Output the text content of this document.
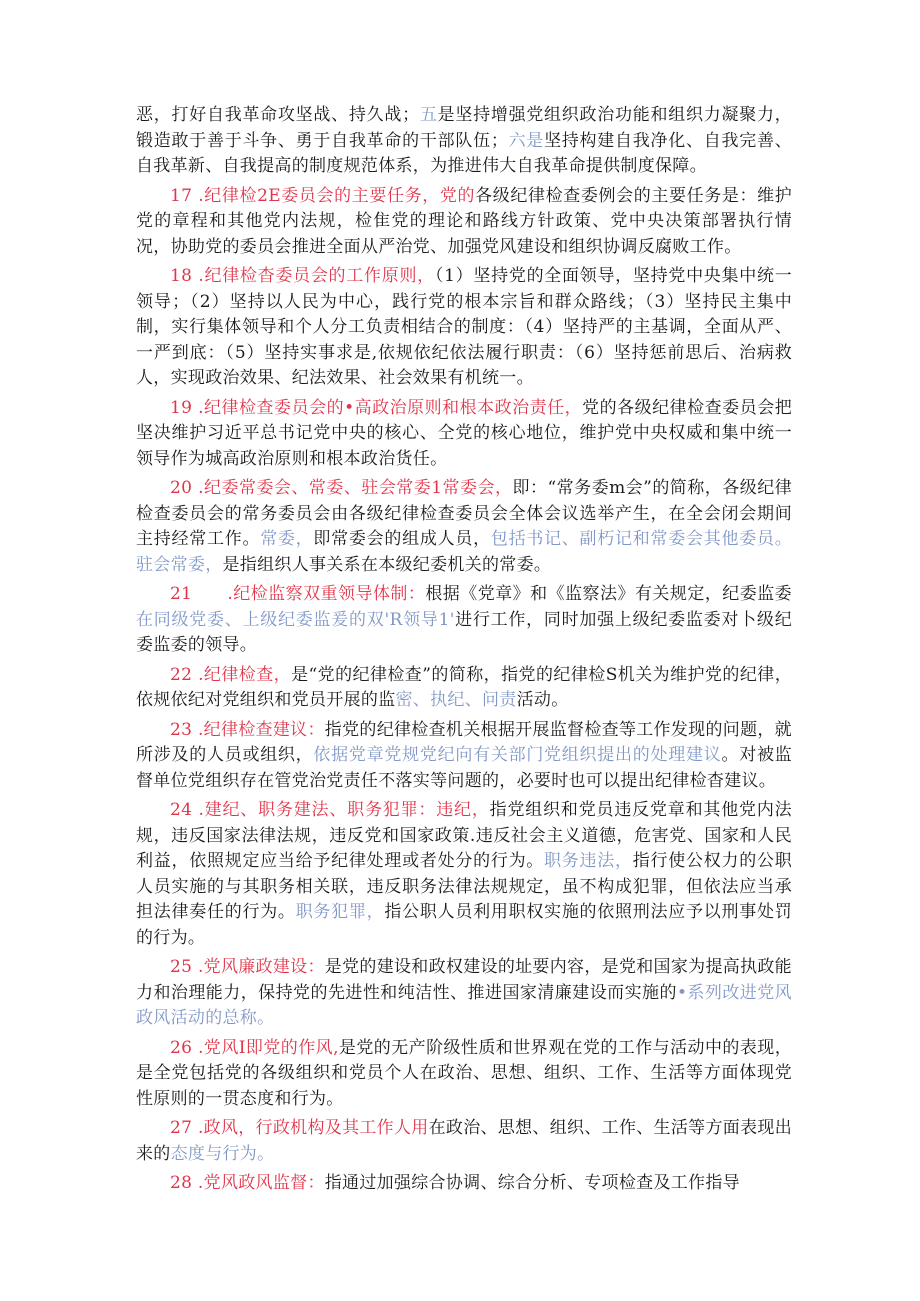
恶，打好自我革命攻坚战、持久战；五是坚持增强党组织政治功能和组织力凝聚力，锻造敢于善于斗争、勇于自我革命的干部队伍；六是坚持构建自我净化、自我完善、自我革新、自我提高的制度规范体系，为推进伟大自我革命提供制度保障。

17 .纪律检2E委员会的主要任务，党的各级纪律检查委例会的主要任务是：维护党的章程和其他党内法规，检隹党的理论和路线方针政策、党中央决策部署执行情况，协助党的委员会推进全面从严治党、加强党风建设和组织协调反腐败工作。

18 .纪律检杳委员会的工作原则，（1）坚持党的全面领导，坚持党中央集中统一领导；（2）坚持以人民为中心，践行党的根本宗旨和群众路线；（3）坚持民主集中制，实行集体领导和个人分工负责相结合的制度：（4）坚持严的主基调，全面从严、一严到底：（5）坚持实事求是,依规依纪依法履行职责：（6）坚持惩前思后、治病救人，实现政治效果、纪法效果、社会效果有机统一。

19 .纪律检查委员会的•高政治原则和根本政治责任，党的各级纪律检查委员会把坚决维护习近平总书记党中央的核心、仝党的核心地位，维护党中央权威和集中统一领导作为城高政治原则和根本政治货任。

20 .纪委常委会、常委、驻会常委1常委会，即：“常务委m会”的简称，各级纪律检查委员会的常务委员会由各级纪律检查委员会全体会议选举产生，在全会闭会期间主持经常工作。常委，即常委会的组成人员，包括书记、副朽记和常委会其他委员。驻会常委，是指组织人事关系在本级纪委机关的常委。

21　　.纪检监察双重领导体制：根据《党章》和《监察法》有关规定，纪委监委在同级党委、上级纪委监爰的双'R领导1'进行工作，同时加强上级纪委监委对卜级纪委监委的领导。

22 .纪律检查，是“党的纪律检查”的简称，指党的纪律检S机关为维护党的纪律，依规依纪对党组织和党员开展的监密、执纪、问责活动。

23 .纪律检查建议：指党的纪律检查机关根据开展监督检查等工作发现的问题，就所涉及的人员或组织，依据党章党规党纪向有关部门党组织提出的处理建议。对被监督单位党组织存在管党治党责任不落实等问题的，必要时也可以提出纪律检杳建议。

24 .建纪、职务建法、职务犯罪：违纪，指党组织和党员违反党章和其他党内法规，违反国家法律法规，违反党和国家政策.违反社会主义道德，危害党、国家和人民利益，依照规定应当给予纪律处理或者处分的行为。职务违法，指行使公权力的公职人员实施的与其职务相关联，违反职务法律法规规定，虽不构成犯罪，但依法应当承担法律奏任的行为。职务犯罪，指公职人员利用职权实施的依照刑法应予以刑事处罚的行为。

25 .党风廉政建设：是党的建设和政权建设的址要内容，是党和国家为提高执政能力和治理能力，保持党的先进性和纯洁性、推进国家清廉建设而实施的•系列改进党风政风活动的总称。

26 .党风I即党的作风,是党的无产阶级性质和世界观在党的工作与活动中的表现，是全党包括党的各级组织和党员个人在政治、思想、组织、工作、生活等方面体现党性原则的一贯态度和行为。

27 .政风，行政机构及其工作人用在政治、思想、组织、工作、生活等方面表现出来的态度与行为。

28 .党风政风监督：指通过加强综合协调、综合分析、专项检查及工作指导
